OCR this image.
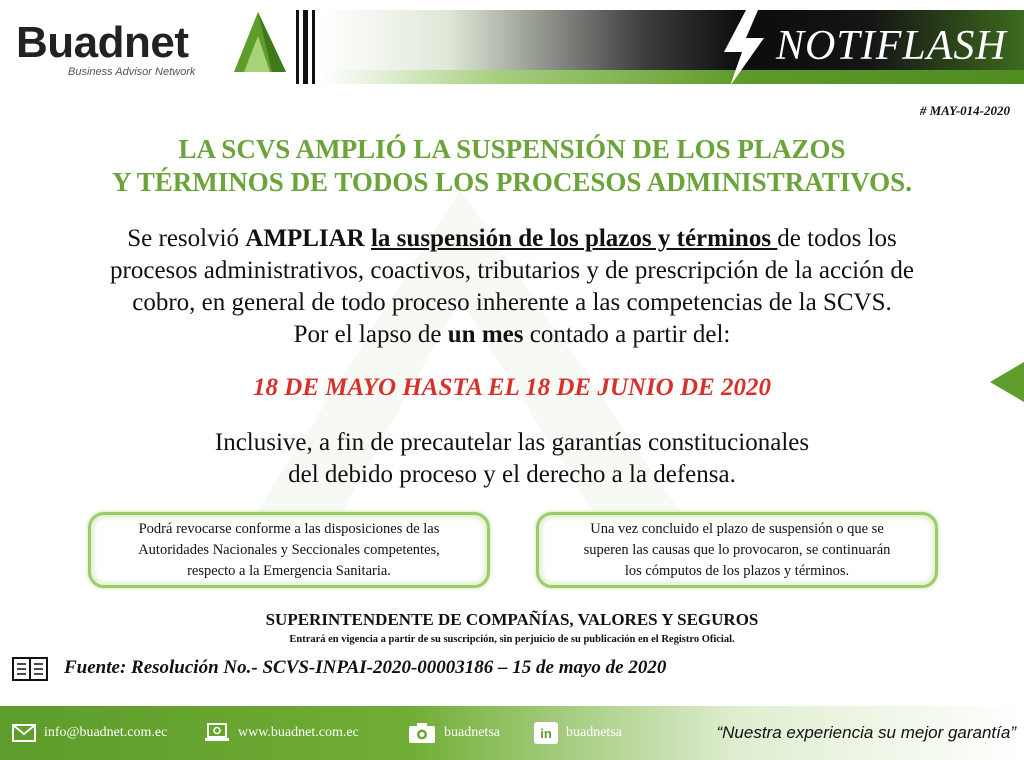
Buadnet
Business Advisor Network
NOTIFLASH
# MAY-014-2020
LA SCVS AMPLIÓ LA SUSPENSIÓN DE LOS PLAZOS
Y TÉRMINOS DE TODOS LOS PROCESOS ADMINISTRATIVOS.
Se resolvió AMPLIAR la suspensión de los plazos y términos de todos los
procesos administrativos, coactivos, tributarios y de prescripción de la acción de
cobro, en general de todo proceso inherente a las competencias de la SCVS.
Por el lapso de un mes contado a partir del:
18 DE MAYO HASTA EL 18 DE JUNIO DE 2020
Inclusive, a fin de precautelar las garantías constitucionales
del debido proceso y el derecho a la defensa.
Podrá revocarse conforme a las disposiciones de las
Autoridades Nacionales y Seccionales competentes,
respecto a la Emergencia Sanitaria.
Una vez concluido el plazo de suspensión o que se
superen las causas que lo provocaron, se continuarán
los cómputos de los plazos y términos.
SUPERINTENDENTE DE COMPAÑÍAS, VALORES Y SEGUROS
Entrará en vigencia a partir de su suscripción, sin perjuicio de su publicación en el Registro Oficial.
Fuente: Resolución No.- SCVS-INPAI-2020-00003186 – 15 de mayo de 2020
info@buadnet.com.ec	www.buadnet.com.ec	buadnetsa	in	buadnetsa	“Nuestra experiencia su mejor garantía”
